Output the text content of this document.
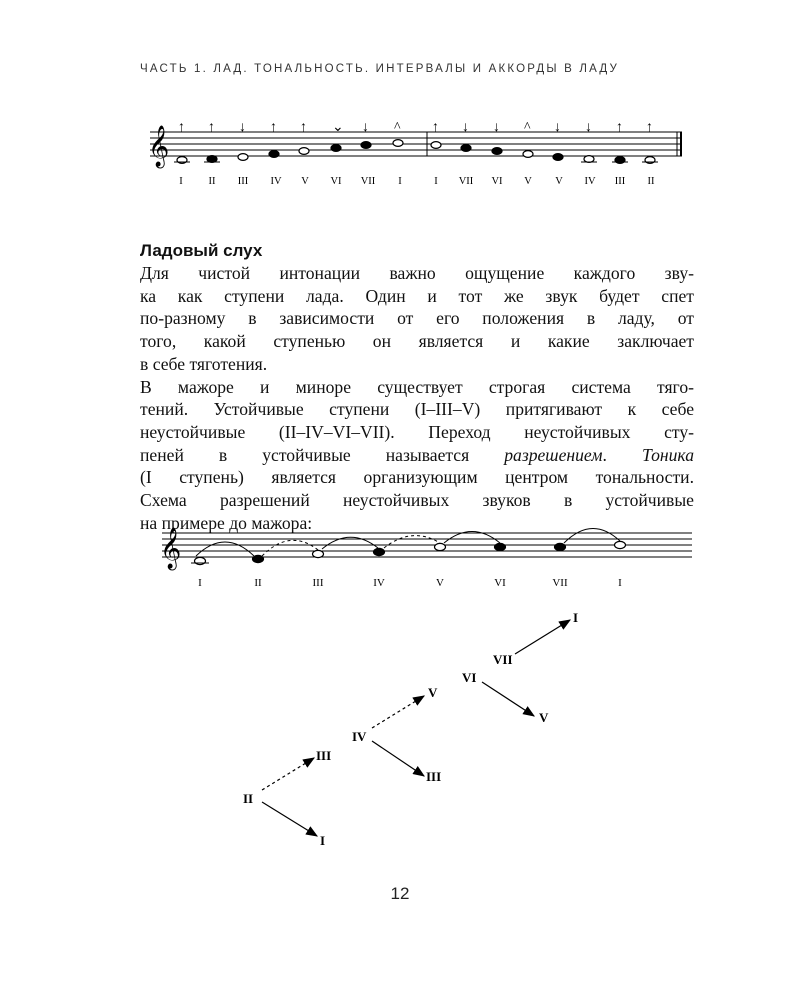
ЧАСТЬ 1. ЛАД. ТОНАЛЬНОСТЬ. ИНТЕРВАЛЫ И АККОРДЫ В ЛАДУ
𝄞 ↑ ↑ ↓ ↑ ↑ ⌄ ↓ ^ ↑ ↓ ↓ ^ ↓ ↓ ↑ ↑
I II III IV V VI VII I	I VII VI V V IV III II
Ладовый слух

Для чистой интонации важно ощущение каждого зву-
ка как ступени лада. Один и тот же звук будет спет
по-разному в зависимости от его положения в ладу, от
того, какой ступенью он является и какие заключает
в себе тяготения.

В мажоре и миноре существует строгая система тяго-
тений. Устойчивые ступени (I–III–V) притягивают к себе
неустойчивые (II–IV–VI–VII). Переход неустойчивых сту-
пеней в устойчивые называется разрешением. Тоника
(I ступень) является организующим центром тональности.
Схема разрешений неустойчивых звуков в устойчивые
на примере до мажора:

𝄞
I	II	III	IV	V	VI	VII	I
II
I
III
IV
III
V
VI
V
VII
I
12
